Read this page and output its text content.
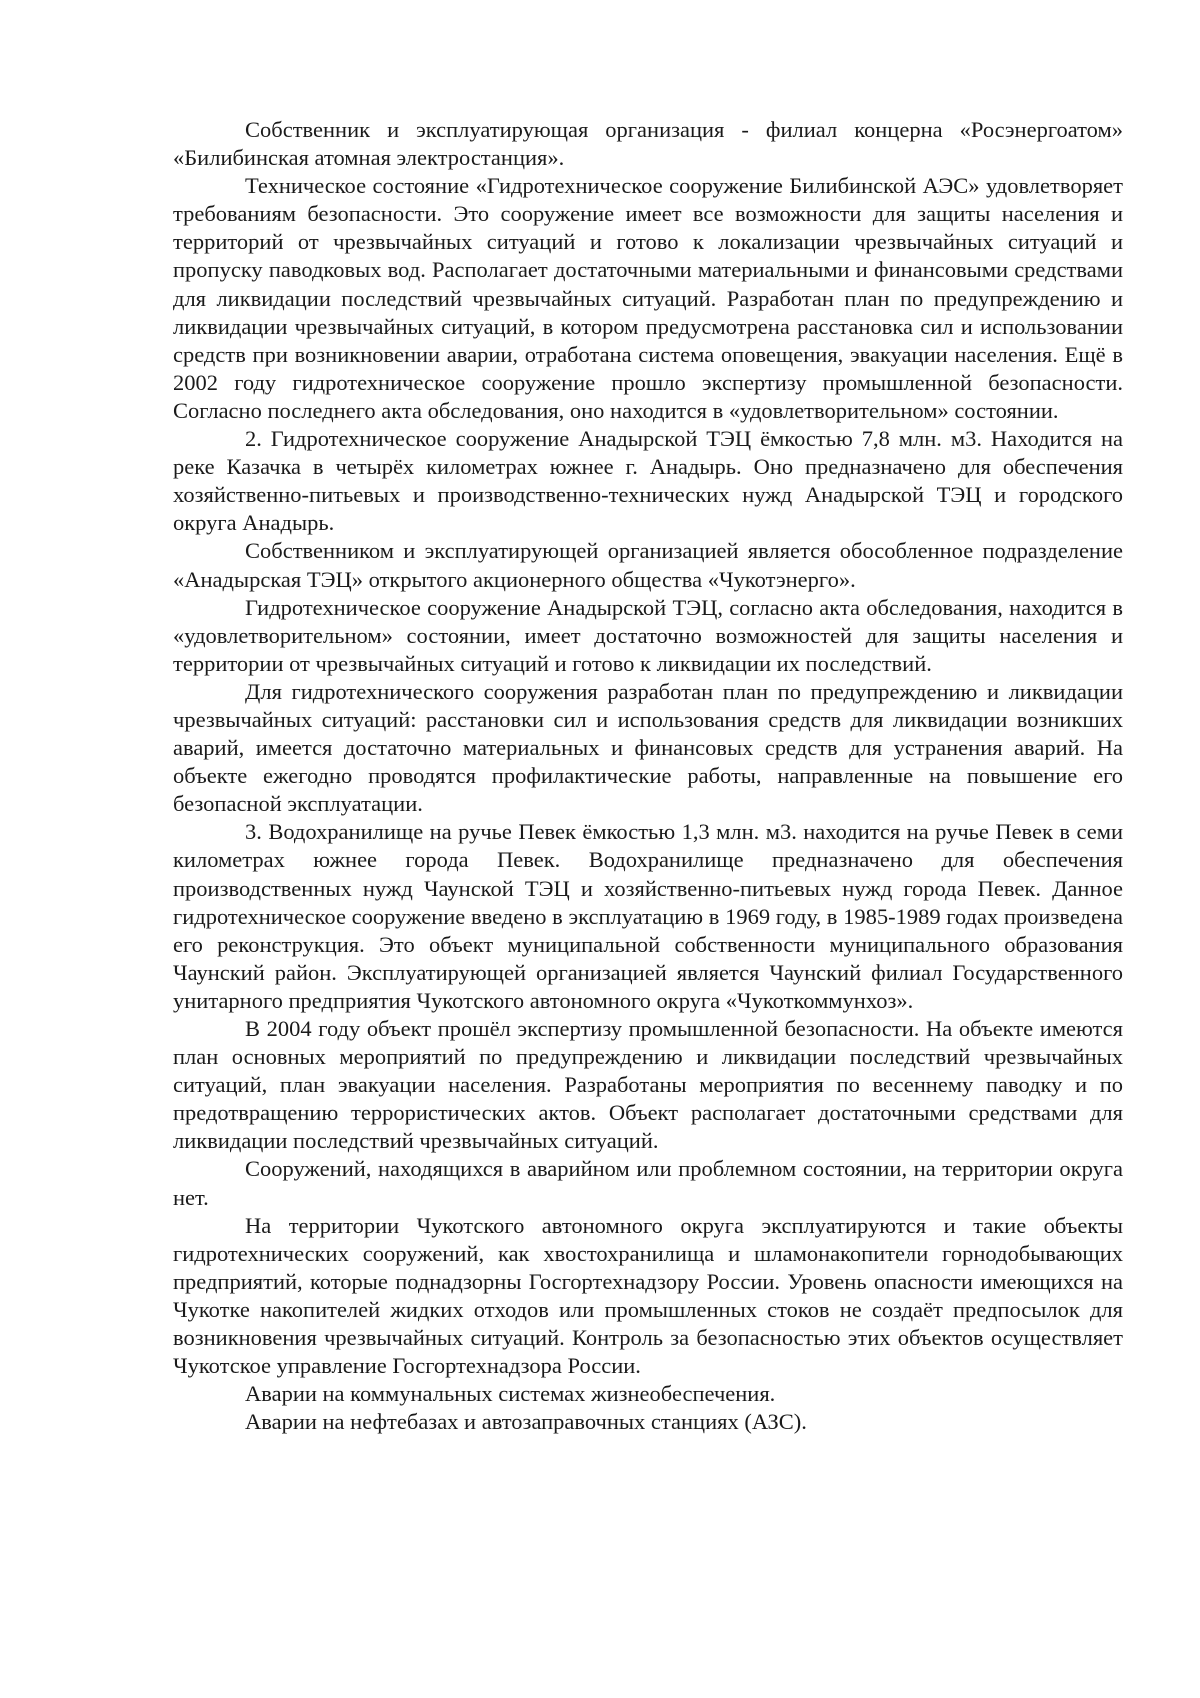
Собственник и эксплуатирующая организация - филиал концерна «Росэнергоатом» «Билибинская атомная электростанция».

Техническое состояние «Гидротехническое сооружение Билибинской АЭС» удовлетворяет требованиям безопасности. Это сооружение имеет все возможности для защиты населения и территорий от чрезвычайных ситуаций и готово к локализации чрезвычайных ситуаций и пропуску паводковых вод. Располагает достаточными материальными и финансовыми средствами для ликвидации последствий чрезвычайных ситуаций. Разработан план по предупреждению и ликвидации чрезвычайных ситуаций, в котором предусмотрена расстановка сил и использовании средств при возникновении аварии, отработана система оповещения, эвакуации населения. Ещё в 2002 году гидротехническое сооружение прошло экспертизу промышленной безопасности. Согласно последнего акта обследования, оно находится в «удовлетворительном» состоянии.

2. Гидротехническое сооружение Анадырской ТЭЦ ёмкостью 7,8 млн. м3. Находится на реке Казачка в четырёх километрах южнее г. Анадырь. Оно предназначено для обеспечения хозяйственно-питьевых и производственно-технических нужд Анадырской ТЭЦ и городского округа Анадырь.

Собственником и эксплуатирующей организацией является обособленное подразделение «Анадырская ТЭЦ» открытого акционерного общества «Чукотэнерго».

Гидротехническое сооружение Анадырской ТЭЦ, согласно акта обследования, находится в «удовлетворительном» состоянии, имеет достаточно возможностей для защиты населения и территории от чрезвычайных ситуаций и готово к ликвидации их последствий.

Для гидротехнического сооружения разработан план по предупреждению и ликвидации чрезвычайных ситуаций: расстановки сил и использования средств для ликвидации возникших аварий, имеется достаточно материальных и финансовых средств для устранения аварий. На объекте ежегодно проводятся профилактические работы, направленные на повышение его безопасной эксплуатации.

3. Водохранилище на ручье Певек ёмкостью 1,3 млн. м3. находится на ручье Певек в семи километрах южнее города Певек. Водохранилище предназначено для обеспечения производственных нужд Чаунской ТЭЦ и хозяйственно-питьевых нужд города Певек. Данное гидротехническое сооружение введено в эксплуатацию в 1969 году, в 1985-1989 годах произведена его реконструкция. Это объект муниципальной собственности муниципального образования Чаунский район. Эксплуатирующей организацией является Чаунский филиал Государственного унитарного предприятия Чукотского автономного округа «Чукоткоммунхоз».

В 2004 году объект прошёл экспертизу промышленной безопасности. На объекте имеются план основных мероприятий по предупреждению и ликвидации последствий чрезвычайных ситуаций, план эвакуации населения. Разработаны мероприятия по весеннему паводку и по предотвращению террористических актов. Объект располагает достаточными средствами для ликвидации последствий чрезвычайных ситуаций.

Сооружений, находящихся в аварийном или проблемном состоянии, на территории округа нет.

На территории Чукотского автономного округа эксплуатируются и такие объекты гидротехнических сооружений, как хвостохранилища и шламонакопители горнодобывающих предприятий, которые поднадзорны Госгортехнадзору России. Уровень опасности имеющихся на Чукотке накопителей жидких отходов или промышленных стоков не создаёт предпосылок для возникновения чрезвычайных ситуаций. Контроль за безопасностью этих объектов осуществляет Чукотское управление Госгортехнадзора России.

Аварии на коммунальных системах жизнеобеспечения.

Аварии на нефтебазах и автозаправочных станциях (АЗС).
